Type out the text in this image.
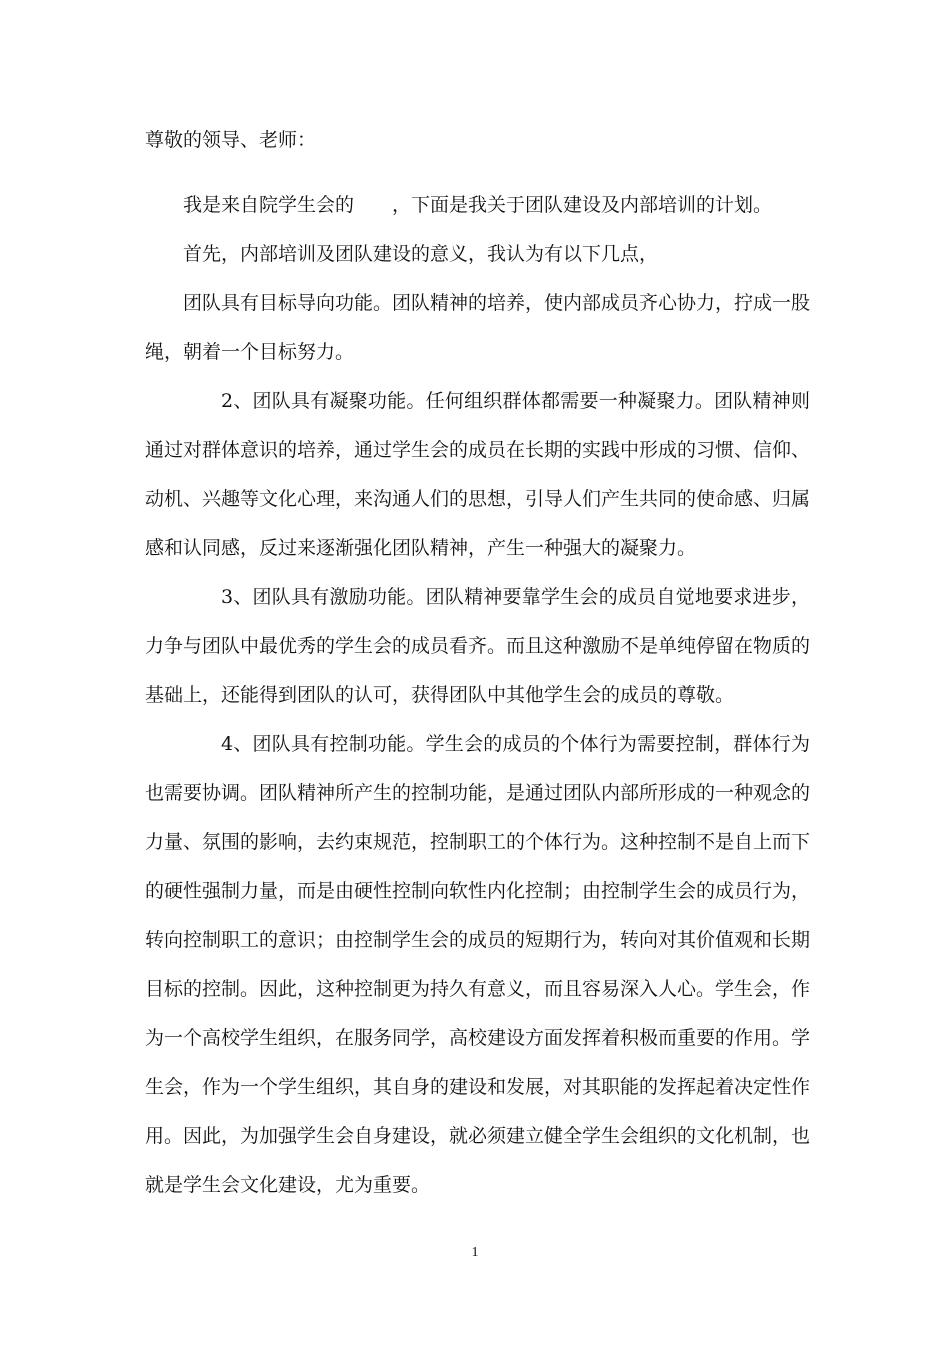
尊敬的领导、老师：

我是来自院学生会的　　，下面是我关于团队建设及内部培训的计划。

首先，内部培训及团队建设的意义，我认为有以下几点，

团队具有目标导向功能。团队精神的培养，使内部成员齐心协力，拧成一股绳，朝着一个目标努力。

2、团队具有凝聚功能。任何组织群体都需要一种凝聚力。团队精神则通过对群体意识的培养，通过学生会的成员在长期的实践中形成的习惯、信仰、动机、兴趣等文化心理，来沟通人们的思想，引导人们产生共同的使命感、归属感和认同感，反过来逐渐强化团队精神，产生一种强大的凝聚力。

3、团队具有激励功能。团队精神要靠学生会的成员自觉地要求进步，力争与团队中最优秀的学生会的成员看齐。而且这种激励不是单纯停留在物质的基础上，还能得到团队的认可，获得团队中其他学生会的成员的尊敬。

4、团队具有控制功能。学生会的成员的个体行为需要控制，群体行为也需要协调。团队精神所产生的控制功能，是通过团队内部所形成的一种观念的力量、氛围的影响，去约束规范，控制职工的个体行为。这种控制不是自上而下的硬性强制力量，而是由硬性控制向软性内化控制；由控制学生会的成员行为，转向控制职工的意识；由控制学生会的成员的短期行为，转向对其价值观和长期目标的控制。因此，这种控制更为持久有意义，而且容易深入人心。学生会，作为一个高校学生组织，在服务同学，高校建设方面发挥着积极而重要的作用。学生会，作为一个学生组织，其自身的建设和发展，对其职能的发挥起着决定性作用。因此，为加强学生会自身建设，就必须建立健全学生会组织的文化机制，也就是学生会文化建设，尤为重要。

1
